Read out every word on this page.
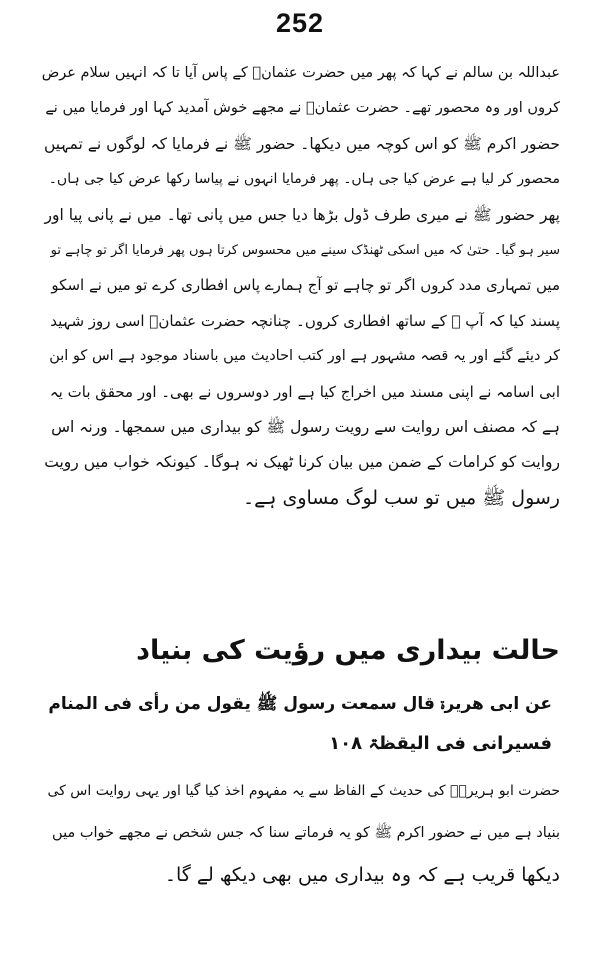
252
عبداللہ بن سالم نے کہا کہ پھر میں حضرت عثمانؓ کے پاس آیا تا کہ انہیں سلام عرض
کروں اور وہ محصور تھے۔ حضرت عثمانؓ نے مجھے خوش آمدید کہا اور فرمایا میں نے
حضور اکرم ﷺ کو اس کوچہ میں دیکھا۔ حضور ﷺ نے فرمایا کہ لوگوں نے تمہیں
محصور کر لیا ہے عرض کیا جی ہاں۔ پھر فرمایا انہوں نے پیاسا رکھا عرض کیا جی ہاں۔
پھر حضور ﷺ نے میری طرف ڈول بڑھا دیا جس میں پانی تھا۔ میں نے پانی پیا اور
سیر ہو گیا۔ حتیٰ کہ میں اسکی ٹھنڈک سینے میں محسوس کرتا ہوں پھر فرمایا اگر تو چاہے تو
میں تمہاری مدد کروں اگر تو چاہے تو آج ہمارے پاس افطاری کرے تو میں نے اسکو
پسند کیا کہ آپ ﷺ کے ساتھ افطاری کروں۔ چنانچہ حضرت عثمانؓ اسی روز شہید
کر دیئے گئے اور یہ قصہ مشہور ہے اور کتب احادیث میں باسناد موجود ہے اس کو ابن
ابی اسامہ نے اپنی مسند میں اخراج کیا ہے اور دوسروں نے بھی۔ اور محقق بات یہ
ہے کہ مصنف اس روایت سے رویت رسول ﷺ کو بیداری میں سمجھا۔ ورنہ اس
روایت کو کرامات کے ضمن میں بیان کرنا ٹھیک نہ ہوگا۔ کیونکہ خواب میں رویت
رسول ﷺ میں تو سب لوگ مساوی ہے۔
حالت بیداری میں رؤیت کی بنیاد
عن ابی ھریرۃ قال سمعت رسول ﷺ یقول من رأی فی المنام
فسیرانی فی الیقظۃ ۱۰۸
حضرت ابو ہریرہؓ کی حدیث کے الفاظ سے یہ مفہوم اخذ کیا گیا اور یہی روایت اس کی
بنیاد ہے میں نے حضور اکرم ﷺ کو یہ فرماتے سنا کہ جس شخص نے مجھے خواب میں
دیکھا قریب ہے کہ وہ بیداری میں بھی دیکھ لے گا۔
